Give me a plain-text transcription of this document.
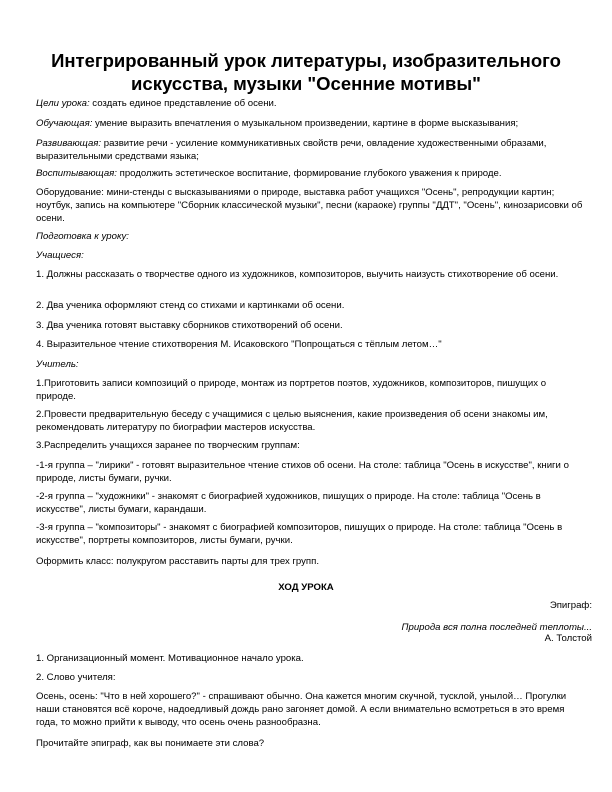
Интегрированный урок литературы, изобразительного искусства, музыки "Осенние мотивы"

Цели урока: создать единое представление об осени.

Обучающая: умение выразить впечатления о музыкальном произведении, картине в форме высказывания;

Развивающая: развитие речи - усиление коммуникативных свойств речи, овладение художественными образами, выразительными средствами языка;

Воспитывающая: продолжить эстетическое воспитание, формирование глубокого уважения к природе.

Оборудование: мини-стенды с высказываниями о природе, выставка работ учащихся "Осень", репродукции картин; ноутбук, запись на компьютере "Сборник классической музыки", песни (караоке) группы "ДДТ", "Осень", кинозарисовки об осени.

Подготовка к уроку:

Учащиеся:

1. Должны рассказать о творчестве одного из художников, композиторов, выучить наизусть стихотворение об осени.

2. Два ученика оформляют стенд со стихами и картинками об осени.

3. Два ученика готовят выставку сборников стихотворений об осени.

4. Выразительное чтение стихотворения М. Исаковского "Попрощаться с тёплым летом…"

Учитель:

1.Приготовить записи композиций о природе, монтаж из портретов поэтов, художников, композиторов, пишущих о природе.

2.Провести предварительную беседу с учащимися с целью выяснения, какие произведения об осени знакомы им, рекомендовать литературу по биографии мастеров искусства.

3.Распределить учащихся заранее по творческим группам:

-1-я группа – "лирики" - готовят выразительное чтение стихов об осени. На столе: таблица "Осень в искусстве", книги о природе, листы бумаги, ручки.

-2-я группа – "художники" - знакомят с биографией художников, пишущих о природе. На столе: таблица "Осень в искусстве", листы бумаги, карандаши.

-3-я группа – "композиторы" - знакомят с биографией композиторов, пишущих о природе. На столе: таблица "Осень в искусстве", портреты композиторов, листы бумаги, ручки.

Оформить класс: полукругом расставить парты для трех групп.

ХОД УРОКА
Эпиграф:
Природа вся полна последней теплоты...
А. Толстой

1. Организационный момент. Мотивационное начало урока.

2. Слово учителя:

Осень, осень: "Что в ней хорошего?" - спрашивают обычно. Она кажется многим скучной, тусклой, унылой… Прогулки наши становятся всё короче, надоедливый дождь рано загоняет домой. А если внимательно всмотреться в это время года, то можно прийти к выводу, что осень очень разнообразна.

Прочитайте эпиграф, как вы понимаете эти слова?
